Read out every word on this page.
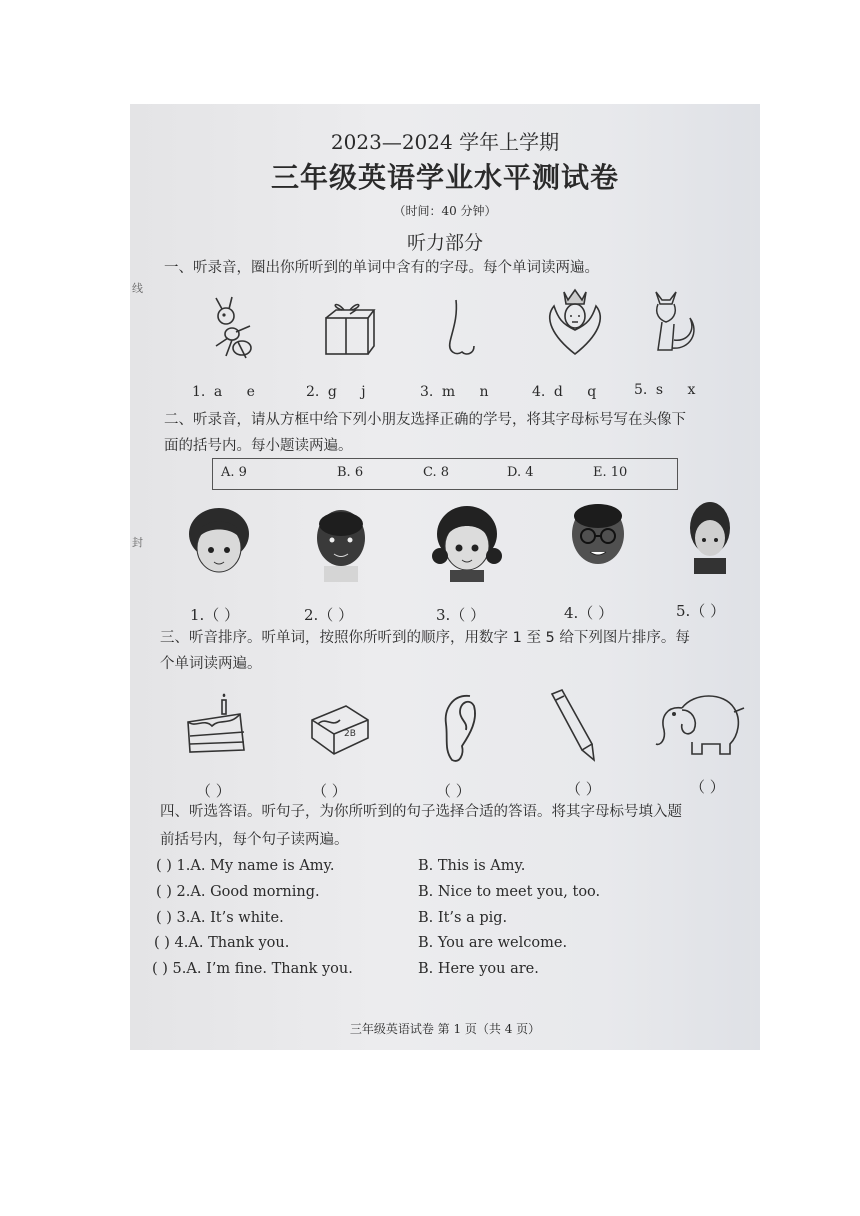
线
封
2023—2024 学年上学期
三年级英语学业水平测试卷
（时间：40 分钟）
听力部分
一、听录音，圈出你所听到的单词中含有的字母。每个单词读两遍。
1. a e	2. g j	3. m n	4. d q	5. s x
二、听录音，请从方框中给下列小朋友选择正确的学号，将其字母标号写在头像下
面的括号内。每小题读两遍。
A. 9	B. 6	C. 8	D. 4	E. 10
1.（ ）	2.（ ）	3.（ ）	4.（ ）	5.（ ）
三、听音排序。听单词，按照你所听到的顺序，用数字 1 至 5 给下列图片排序。每
个单词读两遍。
2B
（ ）	（ ）	（ ）	（ ）	（ ）
四、听选答语。听句子，为你所听到的句子选择合适的答语。将其字母标号填入题
前括号内，每个句子读两遍。
( ) 1.A. My name is Amy.	B. This is Amy.
( ) 2.A. Good morning.	B. Nice to meet you, too.
( ) 3.A. It’s white.	B. It’s a pig.
( ) 4.A. Thank you.	B. You are welcome.
( ) 5.A. I’m fine. Thank you.	B. Here you are.
三年级英语试卷 第 1 页（共 4 页）
